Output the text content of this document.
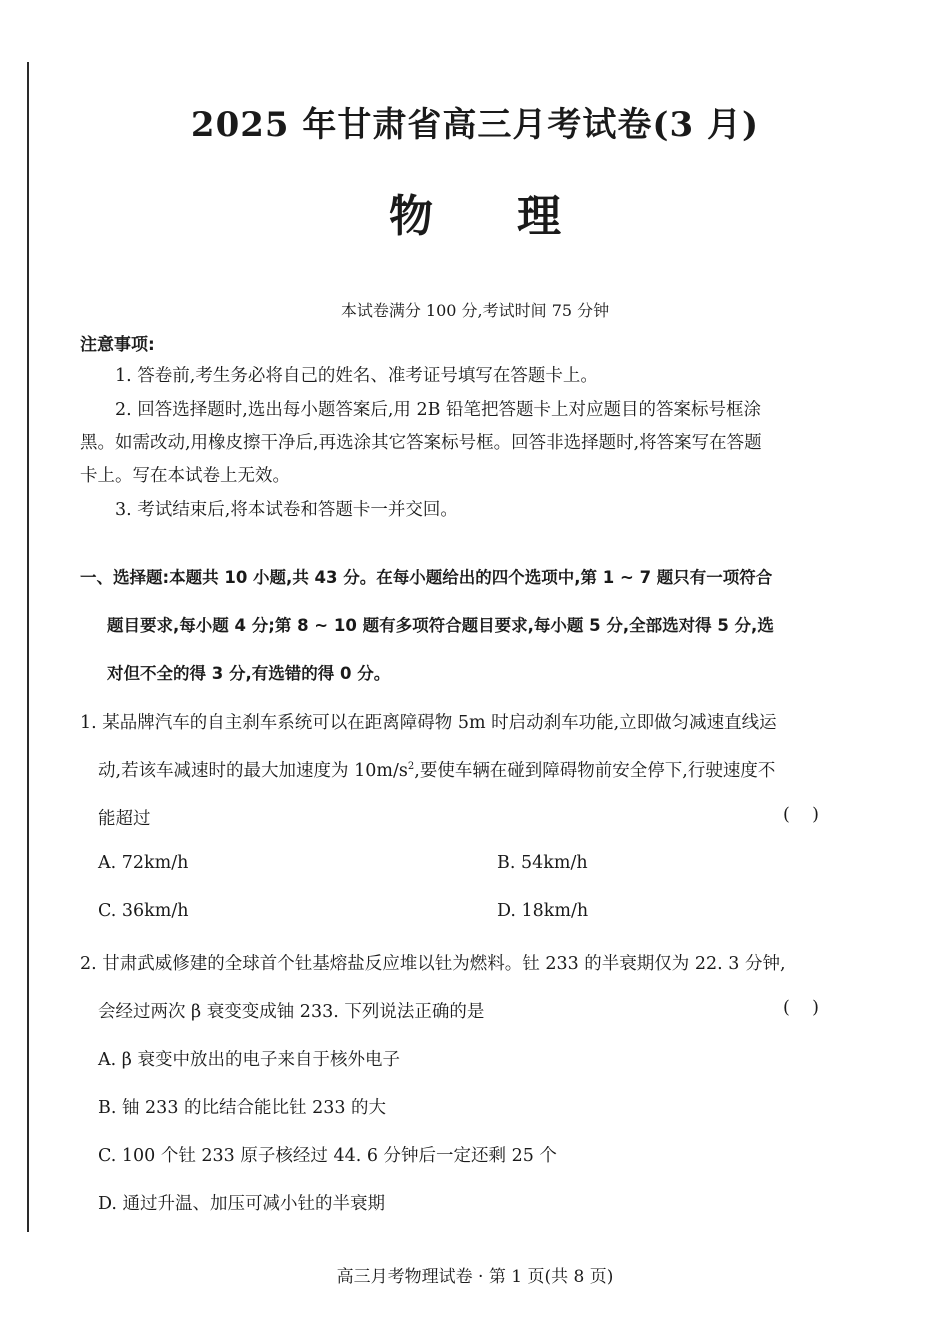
2025 年甘肃省高三月考试卷(3 月)
物 理
本试卷满分 100 分,考试时间 75 分钟
注意事项:
1. 答卷前,考生务必将自己的姓名、准考证号填写在答题卡上。
2. 回答选择题时,选出每小题答案后,用 2B 铅笔把答题卡上对应题目的答案标号框涂
黑。如需改动,用橡皮擦干净后,再选涂其它答案标号框。回答非选择题时,将答案写在答题
卡上。写在本试卷上无效。
3. 考试结束后,将本试卷和答题卡一并交回。
一、选择题:本题共 10 小题,共 43 分。在每小题给出的四个选项中,第 1 ~ 7 题只有一项符合
题目要求,每小题 4 分;第 8 ~ 10 题有多项符合题目要求,每小题 5 分,全部选对得 5 分,选
对但不全的得 3 分,有选错的得 0 分。
1. 某品牌汽车的自主刹车系统可以在距离障碍物 5m 时启动刹车功能,立即做匀减速直线运
动,若该车减速时的最大加速度为 $10m/s^2$,要使车辆在碰到障碍物前安全停下,行驶速度不
能超过	(    )
A. 72km/h	B. 54km/h
C. 36km/h	D. 18km/h
2. 甘肃武威修建的全球首个钍基熔盐反应堆以钍为燃料。钍 233 的半衰期仅为 22. 3 分钟,
会经过两次 β 衰变变成铀 233. 下列说法正确的是	(    )
A. β 衰变中放出的电子来自于核外电子
B. 铀 233 的比结合能比钍 233 的大
C. 100 个钍 233 原子核经过 44. 6 分钟后一定还剩 25 个
D. 通过升温、加压可减小钍的半衰期
高三月考物理试卷 · 第 1 页(共 8 页)
